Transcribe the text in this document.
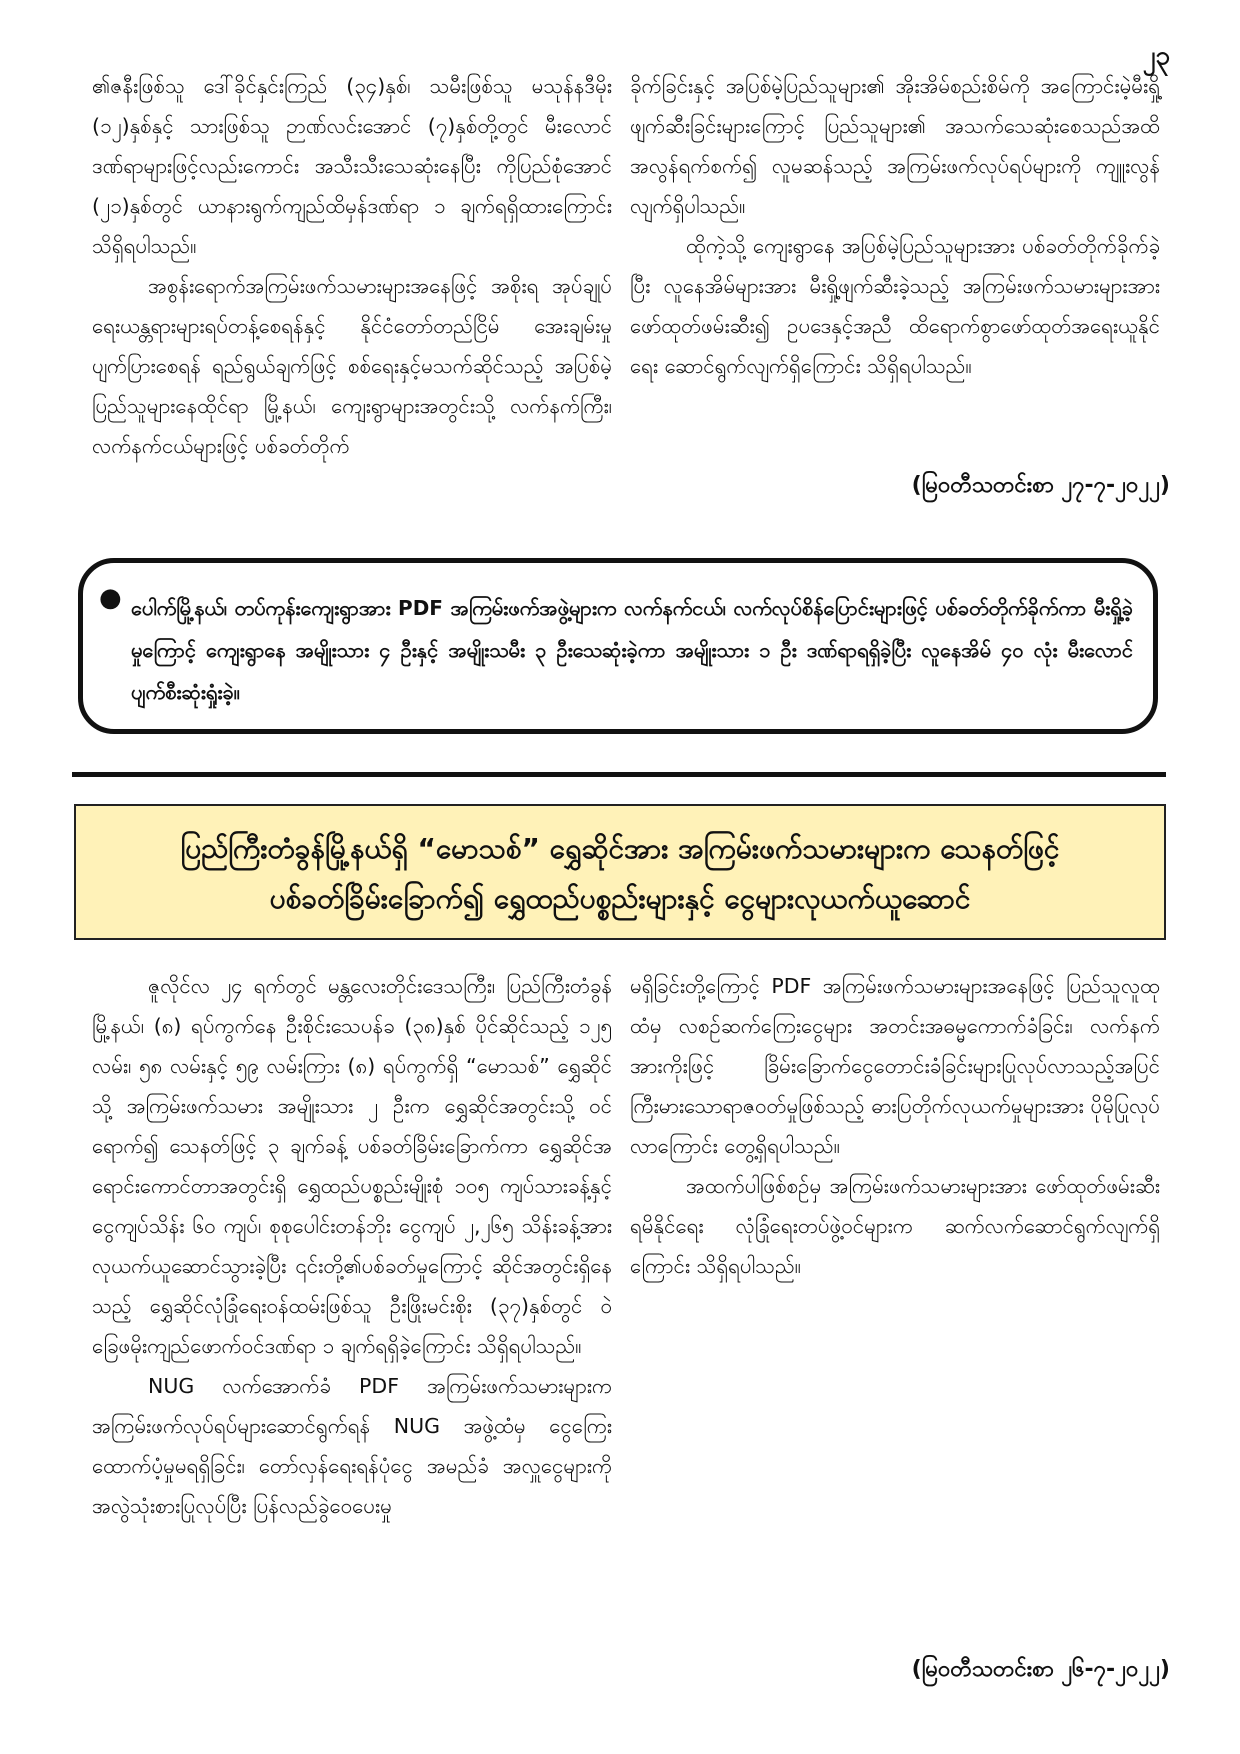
၂၃

၏ဇနီးဖြစ်သူ ဒေါ်ခိုင်နှင်းကြည် (၃၄)နှစ်၊ သမီးဖြစ်သူ မသုန်နဒီမိုး (၁၂)နှစ်နှင့် သားဖြစ်သူ ဉာဏ်လင်းအောင် (၇)နှစ်တို့တွင် မီးလောင်ဒဏ်ရာများဖြင့်လည်းကောင်း အသီးသီးသေဆုံးနေပြီး ကိုပြည်စုံအောင် (၂၁)နှစ်တွင် ယာနားရွက်ကျည်ထိမှန်ဒဏ်ရာ ၁ ချက်ရရှိထားကြောင်း သိရှိရပါသည်။

အစွန်းရောက်အကြမ်းဖက်သမားများအနေဖြင့် အစိုးရ အုပ်ချုပ်ရေးယန္တရားများရပ်တန့်စေရန်နှင့် နိုင်ငံတော်တည်ငြိမ် အေးချမ်းမှုပျက်ပြားစေရန် ရည်ရွယ်ချက်ဖြင့် စစ်ရေးနှင့်မသက်ဆိုင်သည့် အပြစ်မဲ့ပြည်သူများနေထိုင်ရာ မြို့နယ်၊ ကျေးရွာများအတွင်းသို့ လက်နက်ကြီး၊ လက်နက်ငယ်များဖြင့် ပစ်ခတ်တိုက်

ခိုက်ခြင်းနှင့် အပြစ်မဲ့ပြည်သူများ၏ အိုးအိမ်စည်းစိမ်ကို အကြောင်းမဲ့မီးရှို့ဖျက်ဆီးခြင်းများကြောင့် ပြည်သူများ၏ အသက်သေဆုံးစေသည်အထိ အလွန်ရက်စက်၍ လူမဆန်သည့် အကြမ်းဖက်လုပ်ရပ်များကို ကျူးလွန်လျက်ရှိပါသည်။

ထိုကဲ့သို့ ကျေးရွာနေ အပြစ်မဲ့ပြည်သူများအား ပစ်ခတ်တိုက်ခိုက်ခဲ့ပြီး လူနေအိမ်များအား မီးရှို့ဖျက်ဆီးခဲ့သည့် အကြမ်းဖက်သမားများအား ဖော်ထုတ်ဖမ်းဆီး၍ ဥပဒေနှင့်အညီ ထိရောက်စွာဖော်ထုတ်အရေးယူနိုင်ရေး ဆောင်ရွက်လျက်ရှိကြောင်း သိရှိရပါသည်။

(မြဝတီသတင်းစာ ၂၇-၇-၂၀၂၂)
● ပေါက်မြို့နယ်၊ တပ်ကုန်းကျေးရွာအား PDF အကြမ်းဖက်အဖွဲ့များက လက်နက်ငယ်၊ လက်လုပ်စိန်ပြောင်းများဖြင့် ပစ်ခတ်တိုက်ခိုက်ကာ မီးရှို့ခဲ့မှုကြောင့် ကျေးရွာနေ အမျိုးသား ၄ ဦးနှင့် အမျိုးသမီး ၃ ဦးသေဆုံးခဲ့ကာ အမျိုးသား ၁ ဦး ဒဏ်ရာရရှိခဲ့ပြီး လူနေအိမ် ၄၀ လုံး မီးလောင်ပျက်စီးဆုံးရှုံးခဲ့။
ပြည်ကြီးတံခွန်မြို့နယ်ရှိ “မောသစ်” ရွှေဆိုင်အား အကြမ်းဖက်သမားများက သေနတ်ဖြင့်
ပစ်ခတ်ခြိမ်းခြောက်၍ ရွှေထည်ပစ္စည်းများနှင့် ငွေများလုယက်ယူဆောင်

ဇူလိုင်လ ၂၄ ရက်တွင် မန္တလေးတိုင်းဒေသကြီး၊ ပြည်ကြီးတံခွန်မြို့နယ်၊ (၈) ရပ်ကွက်နေ ဦးစိုင်းသေပန်ခ (၃၈)နှစ် ပိုင်ဆိုင်သည့် ၁၂၅ လမ်း၊ ၅၈ လမ်းနှင့် ၅၉ လမ်းကြား (၈) ရပ်ကွက်ရှိ “မောသစ်” ရွှေဆိုင်သို့ အကြမ်းဖက်သမား အမျိုးသား ၂ ဦးက ရွှေဆိုင်အတွင်းသို့ ဝင်ရောက်၍ သေနတ်ဖြင့် ၃ ချက်ခန့် ပစ်ခတ်ခြိမ်းခြောက်ကာ ရွှေဆိုင်အရောင်းကောင်တာအတွင်းရှိ ရွှေထည်ပစ္စည်းမျိုးစုံ ၁၀၅ ကျပ်သားခန့်နှင့် ငွေကျပ်သိန်း ၆၀ ကျပ်၊ စုစုပေါင်းတန်ဘိုး ငွေကျပ် ၂,၂၆၅ သိန်းခန့်အား လုယက်ယူဆောင်သွားခဲ့ပြီး ၎င်းတို့၏ပစ်ခတ်မှုကြောင့် ဆိုင်အတွင်းရှိနေသည့် ရွှေဆိုင်လုံခြုံရေးဝန်ထမ်းဖြစ်သူ ဦးဖြိုးမင်းစိုး (၃၇)နှစ်တွင် ဝဲခြေဖမိုးကျည်ဖောက်ဝင်ဒဏ်ရာ ၁ ချက်ရရှိခဲ့ကြောင်း သိရှိရပါသည်။

NUG လက်အောက်ခံ PDF အကြမ်းဖက်သမားများက အကြမ်းဖက်လုပ်ရပ်များဆောင်ရွက်ရန် NUG အဖွဲ့ထံမှ ငွေကြေးထောက်ပံ့မှုမရရှိခြင်း၊ တော်လှန်ရေးရန်ပုံငွေ အမည်ခံ အလှူငွေများကို အလွဲသုံးစားပြုလုပ်ပြီး ပြန်လည်ခွဲဝေပေးမှု

မရှိခြင်းတို့ကြောင့် PDF အကြမ်းဖက်သမားများအနေဖြင့် ပြည်သူလူထုထံမှ လစဉ်ဆက်ကြေးငွေများ အတင်းအဓမ္မကောက်ခံခြင်း၊ လက်နက်အားကိုးဖြင့် ခြိမ်းခြောက်ငွေတောင်းခံခြင်းများပြုလုပ်လာသည့်အပြင် ကြီးမားသောရာဇဝတ်မှုဖြစ်သည့် ဓားပြတိုက်လုယက်မှုများအား ပိုမိုပြုလုပ်လာကြောင်း တွေ့ရှိရပါသည်။

အထက်ပါဖြစ်စဉ်မှ အကြမ်းဖက်သမားများအား ဖော်ထုတ်ဖမ်းဆီးရမိနိုင်ရေး လုံခြုံရေးတပ်ဖွဲ့ဝင်များက ဆက်လက်ဆောင်ရွက်လျက်ရှိကြောင်း သိရှိရပါသည်။

(မြဝတီသတင်းစာ ၂၆-၇-၂၀၂၂)
